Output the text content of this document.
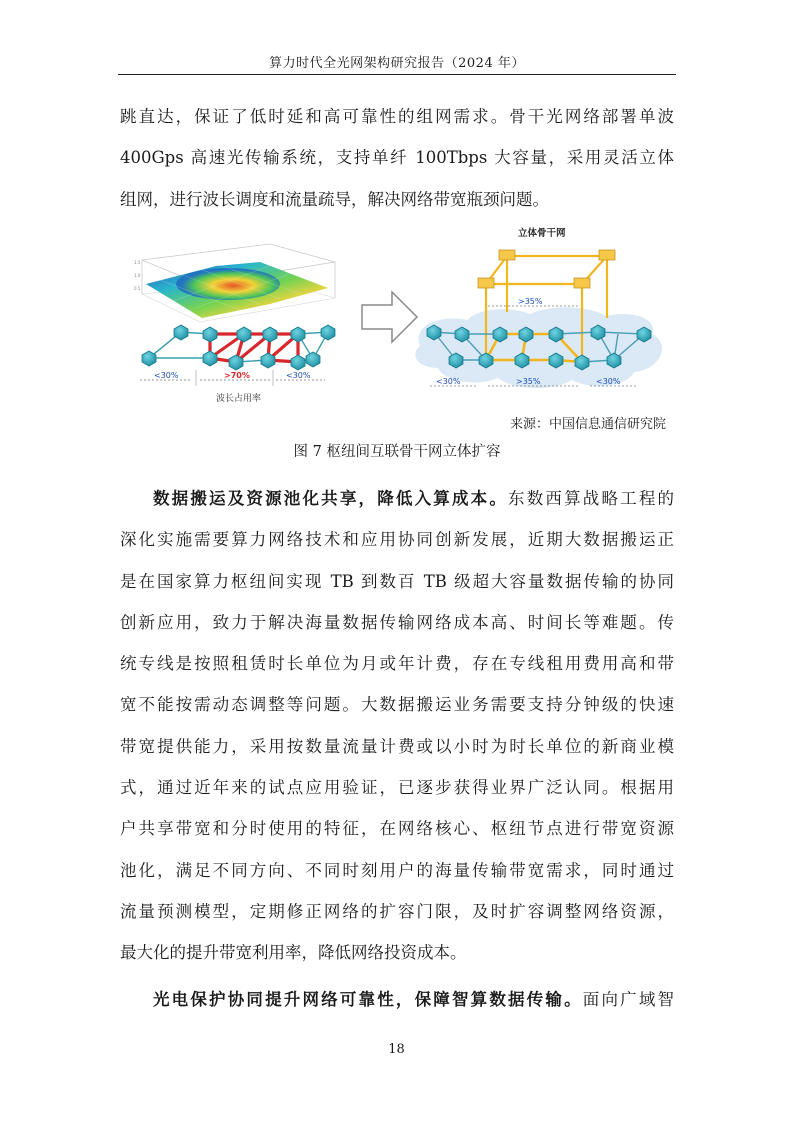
算力时代全光网架构研究报告（2024 年）
跳直达，保证了低时延和高可靠性的组网需求。骨干光网络部署单波
400Gps 高速光传输系统，支持单纤 100Tbps 大容量，采用灵活立体
组网，进行波长调度和流量疏导，解决网络带宽瓶颈问题。
1.5
1.0
0.5
<30%	>70%	<30%
波长占用率
立体骨干网
>35%
<30%	>35%	<30%
来源：中国信息通信研究院
图 7 枢纽间互联骨干网立体扩容
数据搬运及资源池化共享，降低入算成本。东数西算战略工程的
深化实施需要算力网络技术和应用协同创新发展，近期大数据搬运正
是在国家算力枢纽间实现 TB 到数百 TB 级超大容量数据传输的协同
创新应用，致力于解决海量数据传输网络成本高、时间长等难题。传
统专线是按照租赁时长单位为月或年计费，存在专线租用费用高和带
宽不能按需动态调整等问题。大数据搬运业务需要支持分钟级的快速
带宽提供能力，采用按数量流量计费或以小时为时长单位的新商业模
式，通过近年来的试点应用验证，已逐步获得业界广泛认同。根据用
户共享带宽和分时使用的特征，在网络核心、枢纽节点进行带宽资源
池化，满足不同方向、不同时刻用户的海量传输带宽需求，同时通过
流量预测模型，定期修正网络的扩容门限，及时扩容调整网络资源，
最大化的提升带宽利用率，降低网络投资成本。
光电保护协同提升网络可靠性，保障智算数据传输。面向广域智
18
